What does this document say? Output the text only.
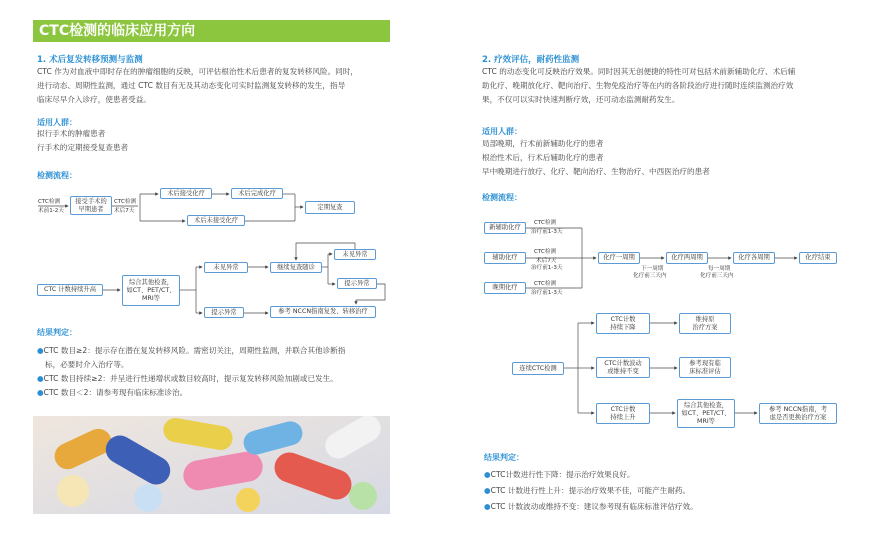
CTC检测的临床应用方向
1. 术后复发转移预测与监测
CTC 作为对血液中即时存在的肿瘤细胞的反映，可评估根治性术后患者的复发转移风险。同时，
进行动态、周期性监测，通过 CTC 数目有无及其动态变化可实时监测复发转移的发生，指导
临床尽早介入诊疗，使患者受益。
适用人群：
拟行手术的肿瘤患者
行手术的定期接受复查患者
检测流程：
CTC检测
术前1-2天
接受手术的
早期患者
CTC检测
术后7天
术后接受化疗	术后完成化疗
术后未接受化疗
定期复查
CTC 计数持续升高
综合其他检查，
如CT、PET/CT、
MRI等
未见异常	继续复查随诊
未见异常
提示异常
提示异常	参考 NCCN指南复发、转移治疗
结果判定：
●CTC 数目≥2：提示存在潜在复发转移风险。需密切关注，周期性监测，并联合其他诊断指
标，必要时介入治疗等。
●CTC 数目持续≥2：并呈进行性递增状或数目较高时，提示复发转移风险加剧或已发生。
●CTC 数目＜2：请参考现有临床标准诊治。
2. 疗效评估，耐药性监测
CTC 的动态变化可反映治疗效果。同时因其无创便捷的特性可对包括术前新辅助化疗、术后辅
助化疗、晚期放化疗、靶向治疗、生物免疫治疗等在内的各阶段治疗进行随时连续监测治疗效
果，不仅可以实时快速判断疗效，还可动态监测耐药发生。
适用人群：
局部晚期，行术前新辅助化疗的患者
根治性术后，行术后辅助化疗的患者
早中晚期进行放疗、化疗、靶向治疗、生物治疗、中西医治疗的患者
检测流程：
新辅助化疗
CTC检测
治疗前1-3天
辅助化疗
CTC检测
术后7天
治疗前1-3天
晚期化疗	CTC检测
治疗前1-3天
化疗一周期
下一周期
化疗前三天内
化疗两周期
每一周期
化疗前三天内
化疗各周期	化疗结束
连续CTC检测
CTC计数
持续下降
维持原
治疗方案
CTC计数波动
或维持不变
参考现有临
床标准评估
CTC计数
持续上升
综合其他检查，
如CT、PET/CT、
MRI等
参考 NCCN指南，考
虑是否更换治疗方案
结果判定：
●CTC计数进行性下降：提示治疗效果良好。
●CTC 计数进行性上升：提示治疗效果不佳，可能产生耐药。
●CTC 计数波动或维持不变：建议参考现有临床标准评估疗效。
